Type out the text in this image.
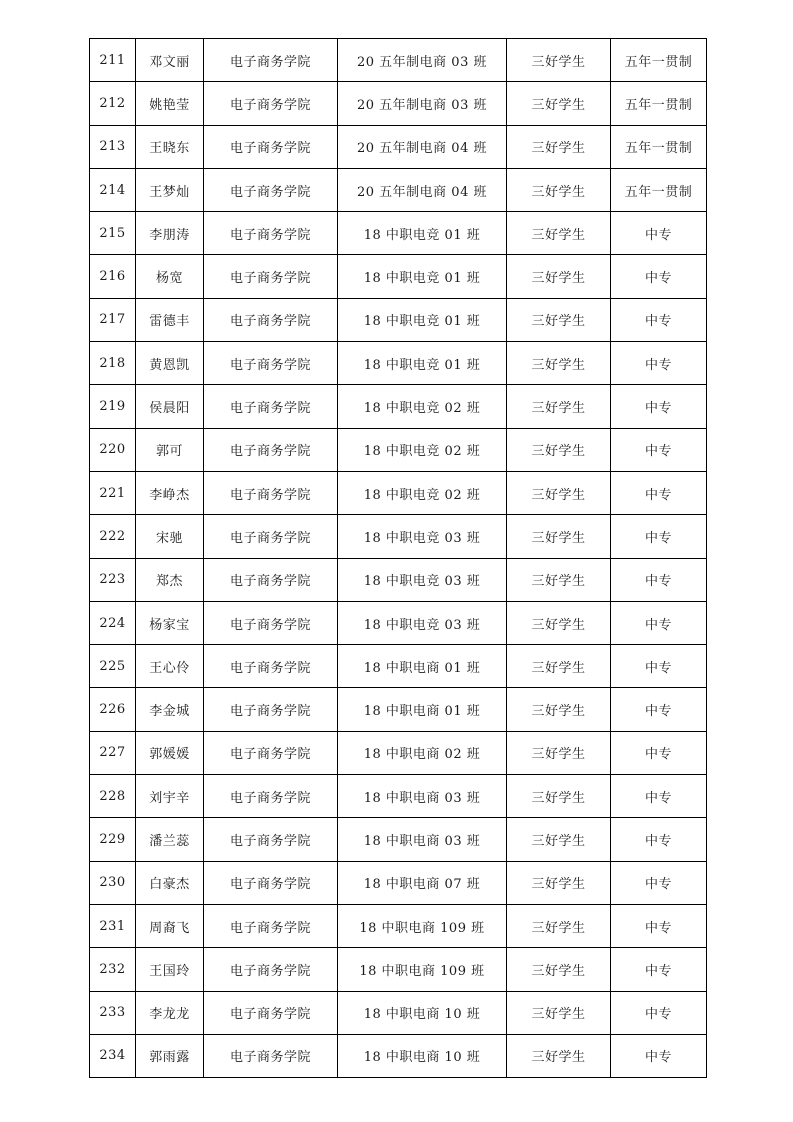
211	邓文丽	电子商务学院	20 五年制电商 03 班	三好学生	五年一贯制
212	姚艳莹	电子商务学院	20 五年制电商 03 班	三好学生	五年一贯制
213	王晓东	电子商务学院	20 五年制电商 04 班	三好学生	五年一贯制
214	王梦灿	电子商务学院	20 五年制电商 04 班	三好学生	五年一贯制
215	李朋涛	电子商务学院	18 中职电竞 01 班	三好学生	中专
216	杨宽	电子商务学院	18 中职电竞 01 班	三好学生	中专
217	雷德丰	电子商务学院	18 中职电竞 01 班	三好学生	中专
218	黄恩凯	电子商务学院	18 中职电竞 01 班	三好学生	中专
219	侯晨阳	电子商务学院	18 中职电竞 02 班	三好学生	中专
220	郭可	电子商务学院	18 中职电竞 02 班	三好学生	中专
221	李峥杰	电子商务学院	18 中职电竞 02 班	三好学生	中专
222	宋驰	电子商务学院	18 中职电竞 03 班	三好学生	中专
223	郑杰	电子商务学院	18 中职电竞 03 班	三好学生	中专
224	杨家宝	电子商务学院	18 中职电竞 03 班	三好学生	中专
225	王心伶	电子商务学院	18 中职电商 01 班	三好学生	中专
226	李金城	电子商务学院	18 中职电商 01 班	三好学生	中专
227	郭媛媛	电子商务学院	18 中职电商 02 班	三好学生	中专
228	刘宇辛	电子商务学院	18 中职电商 03 班	三好学生	中专
229	潘兰蕊	电子商务学院	18 中职电商 03 班	三好学生	中专
230	白豪杰	电子商务学院	18 中职电商 07 班	三好学生	中专
231	周裔飞	电子商务学院	18 中职电商 109 班	三好学生	中专
232	王国玲	电子商务学院	18 中职电商 109 班	三好学生	中专
233	李龙龙	电子商务学院	18 中职电商 10 班	三好学生	中专
234	郭雨露	电子商务学院	18 中职电商 10 班	三好学生	中专
